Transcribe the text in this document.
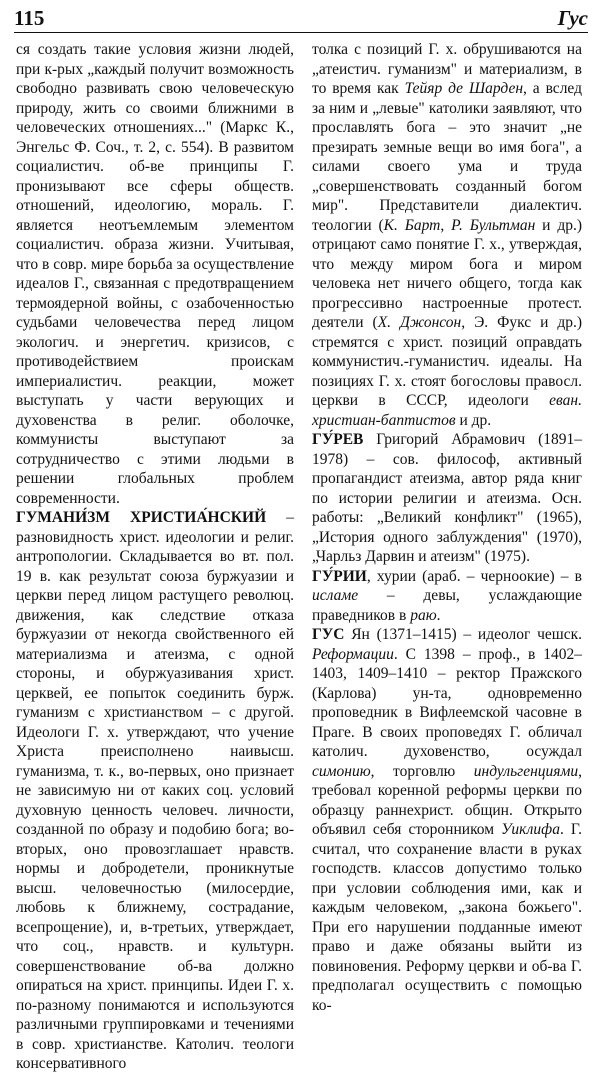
115	Гус

ся создать такие условия жизни людей, при к-рых „каждый получит возможность свободно развивать свою человеческую природу, жить со своими ближними в человеческих отношениях..." (Маркс К., Энгельс Ф. Соч., т. 2, с. 554). В развитом социалистич. об-ве принципы Г. пронизывают все сферы обществ. отношений, идеологию, мораль. Г. является неотъемлемым элементом социалистич. образа жизни. Учитывая, что в совр. мире борьба за осуществление идеалов Г., связанная с предотвращением термоядерной войны, с озабоченностью судьбами человечества перед лицом экологич. и энергетич. кризисов, с противодействием проискам империалистич. реакции, может выступать у части верующих и духовенства в религ. оболочке, коммунисты выступают за сотрудничество с этими людьми в решении глобальных проблем современности.

ГУМАНИ́ЗМ ХРИСТИА́НСКИЙ – разновидность христ. идеологии и религ. антропологии. Складывается во вт. пол. 19 в. как результат союза буржуазии и церкви перед лицом растущего революц. движения, как следствие отказа буржуазии от некогда свойственного ей материализма и атеизма, с одной стороны, и обуржуазивания христ. церквей, ее попыток соединить бурж. гуманизм с христианством – с другой. Идеологи Г. х. утверждают, что учение Христа преисполнено наивысш. гуманизма, т. к., во-первых, оно признает не зависимую ни от каких соц. условий духовную ценность человеч. личности, созданной по образу и подобию бога; во-вторых, оно провозглашает нравств. нормы и добродетели, проникнутые высш. человечностью (милосердие, любовь к ближнему, сострадание, всепрощение), и, в-третьих, утверждает, что соц., нравств. и культурн. совершенствование об-ва должно опираться на христ. принципы. Идеи Г. х. по-разному понимаются и используются различными группировками и течениями в совр. христианстве. Католич. теологи консервативного

толка с позиций Г. х. обрушиваются на „атеистич. гуманизм" и материализм, в то время как Тейяр де Шарден, а вслед за ним и „левые" католики заявляют, что прославлять бога – это значит „не презирать земные вещи во имя бога", а силами своего ума и труда „совершенствовать созданный богом мир". Представители диалектич. теологии (К. Барт, Р. Бультман и др.) отрицают само понятие Г. х., утверждая, что между миром бога и миром человека нет ничего общего, тогда как прогрессивно настроенные протест. деятели (Х. Джонсон, Э. Фукс и др.) стремятся с христ. позиций оправдать коммунистич.-гуманистич. идеалы. На позициях Г. х. стоят богословы правосл. церкви в СССР, идеологи еван. христиан-баптистов и др.

ГУ́РЕВ Григорий Абрамович (1891–1978) – сов. философ, активный пропагандист атеизма, автор ряда книг по истории религии и атеизма. Осн. работы: „Великий конфликт" (1965), „История одного заблуждения" (1970), „Чарльз Дарвин и атеизм" (1975).

ГУ́РИИ, хурии (араб. – черноокие) – в исламе – девы, услаждающие праведников в раю.

ГУС Ян (1371–1415) – идеолог чешск. Реформации. С 1398 – проф., в 1402–1403, 1409–1410 – ректор Пражского (Карлова) ун-та, одновременно проповедник в Вифлеемской часовне в Праге. В своих проповедях Г. обличал католич. духовенство, осуждал симонию, торговлю индульгенциями, требовал коренной реформы церкви по образцу раннехрист. общин. Открыто объявил себя сторонником Уиклифа. Г. считал, что сохранение власти в руках господств. классов допустимо только при условии соблюдения ими, как и каждым человеком, „закона божьего". При его нарушении подданные имеют право и даже обязаны выйти из повиновения. Реформу церкви и об-ва Г. предполагал осуществить с помощью ко-
